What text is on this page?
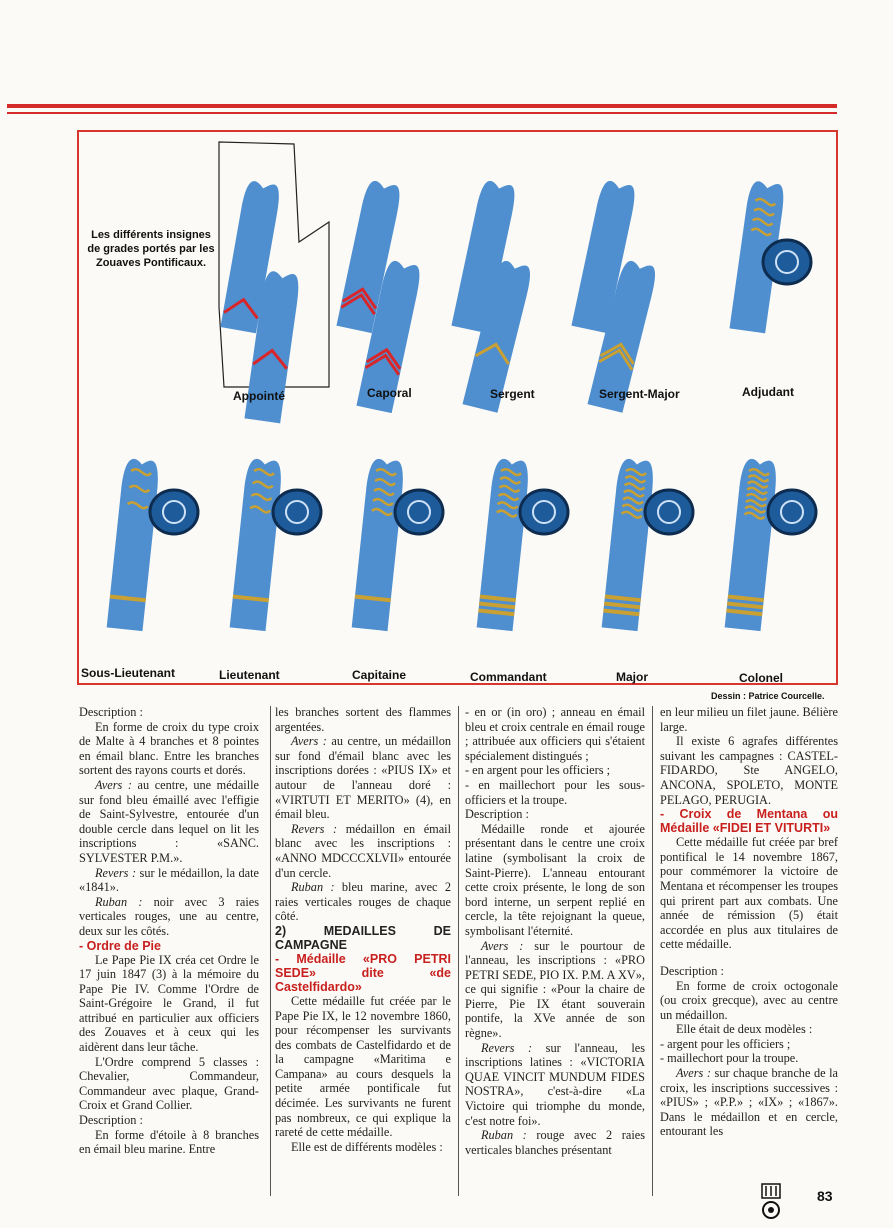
Les différents insignes de grades portés par les Zouaves Pontificaux.
Appointé	Caporal	Sergent	Sergent-Major	Adjudant
Sous-Lieutenant	Lieutenant	Capitaine	Commandant	Major	Colonel
Dessin : Patrice Courcelle.

Description :

En forme de croix du type croix de Malte à 4 branches et 8 pointes en émail blanc. Entre les branches sortent des rayons courts et dorés.

Avers : au centre, une médaille sur fond bleu émaillé avec l'effigie de Saint-Sylvestre, entourée d'un double cercle dans lequel on lit les inscriptions : «SANC. SYLVESTER P.M.».

Revers : sur le médaillon, la date «1841».

Ruban : noir avec 3 raies verticales rouges, une au centre, deux sur les côtés.

- Ordre de Pie

Le Pape Pie IX créa cet Ordre le 17 juin 1847 (3) à la mémoire du Pape Pie IV. Comme l'Ordre de Saint-Grégoire le Grand, il fut attribué en particulier aux officiers des Zouaves et à ceux qui les aidèrent dans leur tâche.

L'Ordre comprend 5 classes : Chevalier, Commandeur, Commandeur avec plaque, Grand-Croix et Grand Collier.

Description :

En forme d'étoile à 8 branches en émail bleu marine. Entre

les branches sortent des flammes argentées.

Avers : au centre, un médaillon sur fond d'émail blanc avec les inscriptions dorées : «PIUS IX» et autour de l'anneau doré : «VIRTUTI ET MERITO» (4), en émail bleu.

Revers : médaillon en émail blanc avec les inscriptions : «ANNO MDCCCXLVII» entourée d'un cercle.

Ruban : bleu marine, avec 2 raies verticales rouges de chaque côté.

2) MEDAILLES DE CAMPAGNE

- Médaille «PRO PETRI SEDE» dite «de Castelfidardo»

Cette médaille fut créée par le Pape Pie IX, le 12 novembre 1860, pour récompenser les survivants des combats de Castelfidardo et de la campagne «Maritima e Campana» au cours desquels la petite armée pontificale fut décimée. Les survivants ne furent pas nombreux, ce qui explique la rareté de cette médaille.

Elle est de différents modèles :

- en or (in oro) ; anneau en émail bleu et croix centrale en émail rouge ; attribuée aux officiers qui s'étaient spécialement distingués ;

- en argent pour les officiers ;

- en maillechort pour les sous-officiers et la troupe.

Description :

Médaille ronde et ajourée présentant dans le centre une croix latine (symbolisant la croix de Saint-Pierre). L'anneau entourant cette croix présente, le long de son bord interne, un serpent replié en cercle, la tête rejoignant la queue, symbolisant l'éternité.

Avers : sur le pourtour de l'anneau, les inscriptions : «PRO PETRI SEDE, PIO IX. P.M. A XV», ce qui signifie : «Pour la chaire de Pierre, Pie IX étant souverain pontife, la XVe année de son règne».

Revers : sur l'anneau, les inscriptions latines : «VICTORIA QUAE VINCIT MUNDUM FIDES NOSTRA», c'est-à-dire «La Victoire qui triomphe du monde, c'est notre foi».

Ruban : rouge avec 2 raies verticales blanches présentant

en leur milieu un filet jaune. Bélière large.

Il existe 6 agrafes différentes suivant les campagnes : CASTEL-FIDARDO, Ste ANGELO, ANCONA, SPOLETO, MONTE PELAGO, PERUGIA.

- Croix de Mentana ou Médaille «FIDEI ET VITURTI»

Cette médaille fut créée par bref pontifical le 14 novembre 1867, pour commémorer la victoire de Mentana et récompenser les troupes qui prirent part aux combats. Une année de rémission (5) était accordée en plus aux titulaires de cette médaille.

Description :

En forme de croix octogonale (ou croix grecque), avec au centre un médaillon.

Elle était de deux modèles :

- argent pour les officiers ;

- maillechort pour la troupe.

Avers : sur chaque branche de la croix, les inscriptions successives : «PIUS» ; «P.P.» ; «IX» ; «1867». Dans le médaillon et en cercle, entourant les

83
